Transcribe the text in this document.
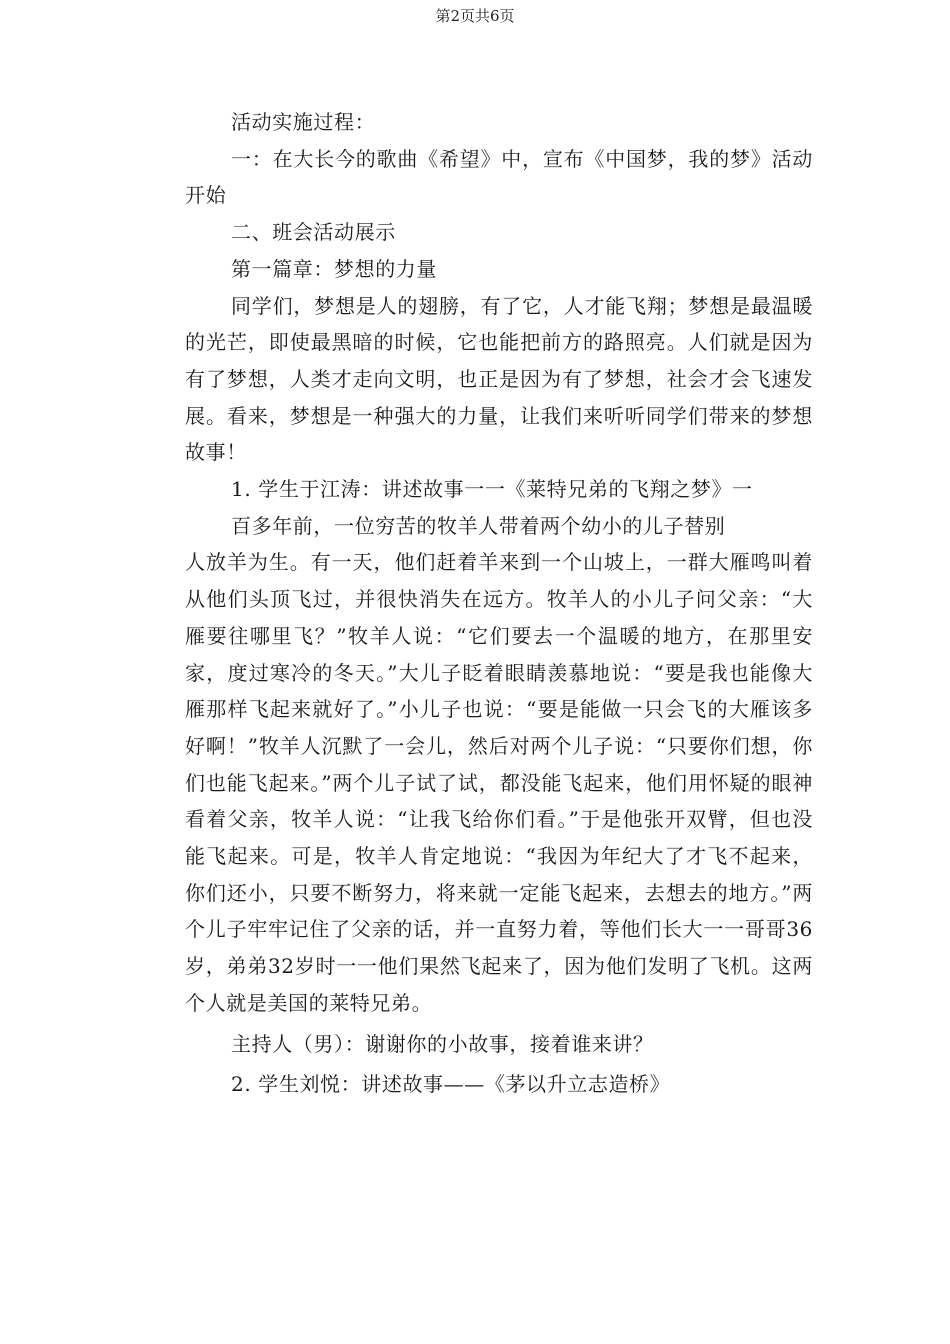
第2页共6页

活动实施过程：

一：在大长今的歌曲《希望》中，宣布《中国梦，我的梦》活动开始

二、班会活动展示

第一篇章：梦想的力量

同学们，梦想是人的翅膀，有了它，人才能飞翔；梦想是最温暖的光芒，即使最黑暗的时候，它也能把前方的路照亮。人们就是因为有了梦想，人类才走向文明，也正是因为有了梦想，社会才会飞速发展。看来，梦想是一种强大的力量，让我们来听听同学们带来的梦想故事！

1. 学生于江涛：讲述故事一一《莱特兄弟的飞翔之梦》一

百多年前，一位穷苦的牧羊人带着两个幼小的儿子替别

人放羊为生。有一天，他们赶着羊来到一个山坡上，一群大雁鸣叫着从他们头顶飞过，并很快消失在远方。牧羊人的小儿子问父亲：“大雁要往哪里飞？”牧羊人说：“它们要去一个温暖的地方，在那里安家，度过寒冷的冬天。”大儿子眨着眼睛羡慕地说：“要是我也能像大雁那样飞起来就好了。”小儿子也说：“要是能做一只会飞的大雁该多好啊！”牧羊人沉默了一会儿，然后对两个儿子说：“只要你们想，你们也能飞起来。”两个儿子试了试，都没能飞起来，他们用怀疑的眼神看着父亲，牧羊人说：“让我飞给你们看。”于是他张开双臂，但也没能飞起来。可是，牧羊人肯定地说：“我因为年纪大了才飞不起来，你们还小，只要不断努力，将来就一定能飞起来，去想去的地方。”两个儿子牢牢记住了父亲的话，并一直努力着，等他们长大一一哥哥36岁，弟弟32岁时一一他们果然飞起来了，因为他们发明了飞机。这两个人就是美国的莱特兄弟。

主持人（男）：谢谢你的小故事，接着谁来讲？

2. 学生刘悦：讲述故事——《茅以升立志造桥》
